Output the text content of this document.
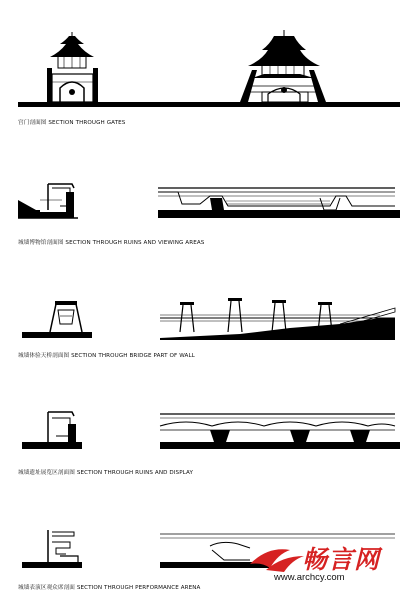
宫门剖面图 SECTION THROUGH GATES
城墙博物馆剖面图 SECTION THROUGH RUINS AND VIEWING AREAS
城墙体验天桥剖面图 SECTION THROUGH BRIDGE PART OF WALL
城墙遗址展览区剖面图 SECTION THROUGH RUINS AND DISPLAY
城墙表演区观众席剖面 SECTION THROUGH PERFORMANCE ARENA
畅言网
www.archcy.com
